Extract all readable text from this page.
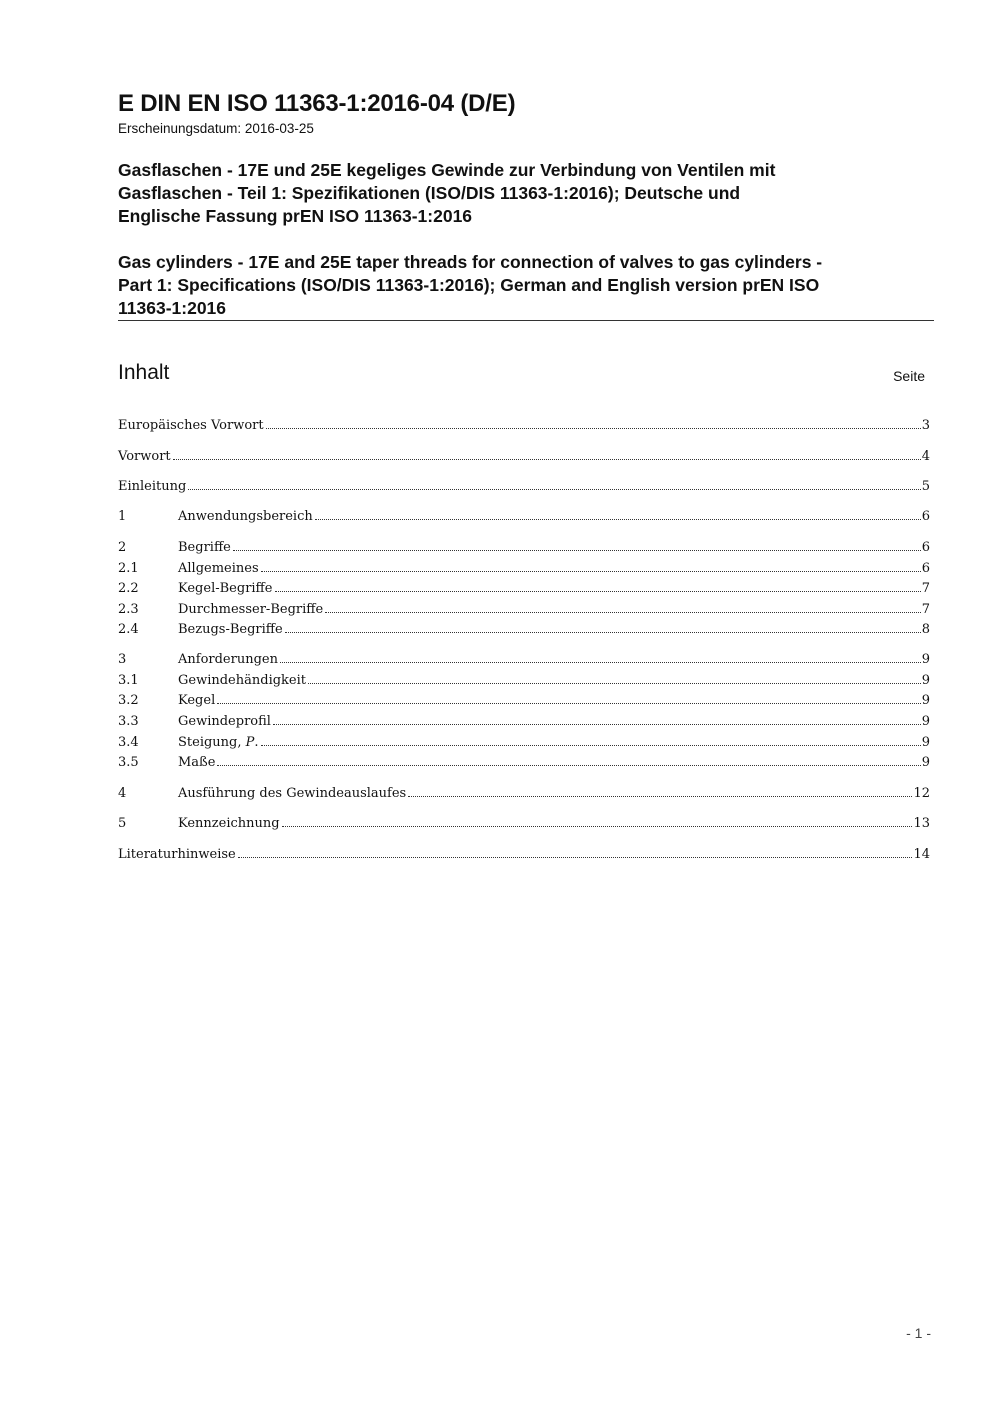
E DIN EN ISO 11363-1:2016-04 (D/E)
Erscheinungsdatum: 2016-03-25
Gasflaschen - 17E und 25E kegeliges Gewinde zur Verbindung von Ventilen mit
Gasflaschen - Teil 1: Spezifikationen (ISO/DIS 11363-1:2016); Deutsche und
Englische Fassung prEN ISO 11363-1:2016
Gas cylinders - 17E and 25E taper threads for connection of valves to gas cylinders -
Part 1: Specifications (ISO/DIS 11363-1:2016); German and English version prEN ISO
11363-1:2016
Inhalt	Seite
Europäisches Vorwort	3
Vorwort	4
Einleitung	5
1	Anwendungsbereich	6
2	Begriffe	6
2.1	Allgemeines	6
2.2	Kegel-Begriffe	7
2.3	Durchmesser-Begriffe	7
2.4	Bezugs-Begriffe	8
3	Anforderungen	9
3.1	Gewindehändigkeit	9
3.2	Kegel	9
3.3	Gewindeprofil	9
3.4	Steigung, P.	9
3.5	Maße	9
4	Ausführung des Gewindeauslaufes	12
5	Kennzeichnung	13
Literaturhinweise	14
- 1 -
